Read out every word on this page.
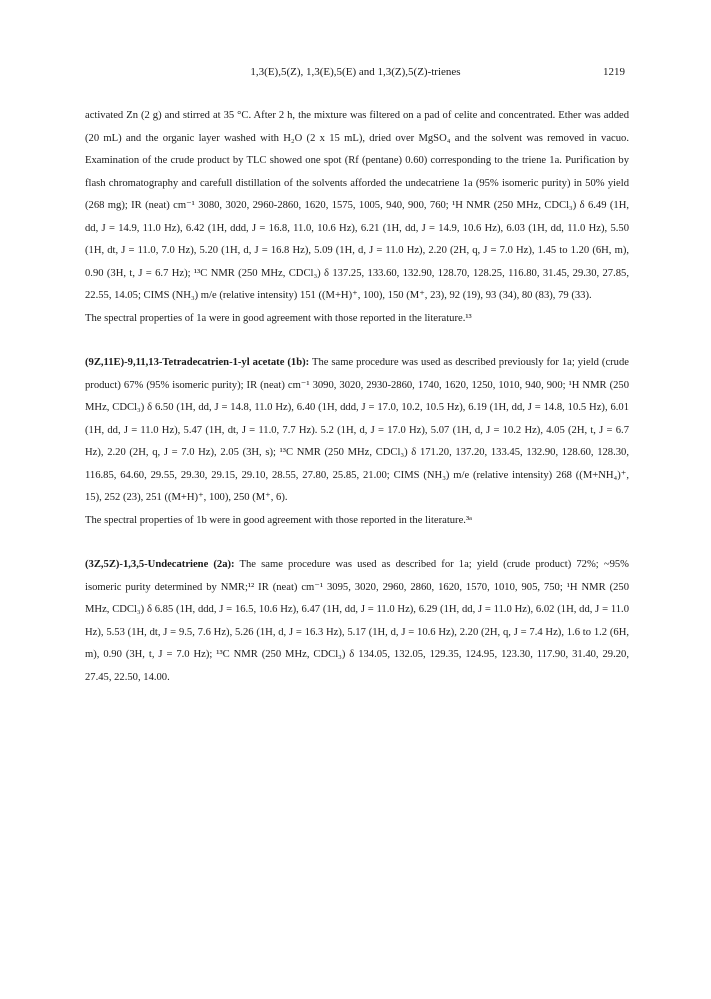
1,3(E),5(Z), 1,3(E),5(E) and 1,3(Z),5(Z)-trienes	1219

activated Zn (2 g) and stirred at 35 °C. After 2 h, the mixture was filtered on a pad of celite and concentrated. Ether was added (20 mL) and the organic layer washed with H₂O (2 x 15 mL), dried over MgSO₄ and the solvent was removed in vacuo. Examination of the crude product by TLC showed one spot (Rf (pentane) 0.60) corresponding to the triene 1a. Purification by flash chromatography and carefull distillation of the solvents afforded the undecatriene 1a (95% isomeric purity) in 50% yield (268 mg); IR (neat) cm⁻¹ 3080, 3020, 2960-2860, 1620, 1575, 1005, 940, 900, 760; ¹H NMR (250 MHz, CDCl₃) δ 6.49 (1H, dd, J = 14.9, 11.0 Hz), 6.42 (1H, ddd, J = 16.8, 11.0, 10.6 Hz), 6.21 (1H, dd, J = 14.9, 10.6 Hz), 6.03 (1H, dd, 11.0 Hz), 5.50 (1H, dt, J = 11.0, 7.0 Hz), 5.20 (1H, d, J = 16.8 Hz), 5.09 (1H, d, J = 11.0 Hz), 2.20 (2H, q, J = 7.0 Hz), 1.45 to 1.20 (6H, m), 0.90 (3H, t, J = 6.7 Hz); ¹³C NMR (250 MHz, CDCl₃) δ 137.25, 133.60, 132.90, 128.70, 128.25, 116.80, 31.45, 29.30, 27.85, 22.55, 14.05; CIMS (NH₃) m/e (relative intensity) 151 ((M+H)⁺, 100), 150 (M⁺, 23), 92 (19), 93 (34), 80 (83), 79 (33).

The spectral properties of 1a were in good agreement with those reported in the literature.¹³

(9Z,11E)-9,11,13-Tetradecatrien-1-yl acetate (1b): The same procedure was used as described previously for 1a; yield (crude product) 67% (95% isomeric purity); IR (neat) cm⁻¹ 3090, 3020, 2930-2860, 1740, 1620, 1250, 1010, 940, 900; ¹H NMR (250 MHz, CDCl₃) δ 6.50 (1H, dd, J = 14.8, 11.0 Hz), 6.40 (1H, ddd, J = 17.0, 10.2, 10.5 Hz), 6.19 (1H, dd, J = 14.8, 10.5 Hz), 6.01 (1H, dd, J = 11.0 Hz), 5.47 (1H, dt, J = 11.0, 7.7 Hz). 5.2 (1H, d, J = 17.0 Hz), 5.07 (1H, d, J = 10.2 Hz), 4.05 (2H, t, J = 6.7 Hz), 2.20 (2H, q, J = 7.0 Hz), 2.05 (3H, s); ¹³C NMR (250 MHz, CDCl₃) δ 171.20, 137.20, 133.45, 132.90, 128.60, 128.30, 116.85, 64.60, 29.55, 29.30, 29.15, 29.10, 28.55, 27.80, 25.85, 21.00; CIMS (NH₃) m/e (relative intensity) 268 ((M+NH₄)⁺, 15), 252 (23), 251 ((M+H)⁺, 100), 250 (M⁺, 6).

The spectral properties of 1b were in good agreement with those reported in the literature.³ᵃ

(3Z,5Z)-1,3,5-Undecatriene (2a): The same procedure was used as described for 1a; yield (crude product) 72%; ~95% isomeric purity determined by NMR;¹² IR (neat) cm⁻¹ 3095, 3020, 2960, 2860, 1620, 1570, 1010, 905, 750; ¹H NMR (250 MHz, CDCl₃) δ 6.85 (1H, ddd, J = 16.5, 10.6 Hz), 6.47 (1H, dd, J = 11.0 Hz), 6.29 (1H, dd, J = 11.0 Hz), 6.02 (1H, dd, J = 11.0 Hz), 5.53 (1H, dt, J = 9.5, 7.6 Hz), 5.26 (1H, d, J = 16.3 Hz), 5.17 (1H, d, J = 10.6 Hz), 2.20 (2H, q, J = 7.4 Hz), 1.6 to 1.2 (6H, m), 0.90 (3H, t, J = 7.0 Hz); ¹³C NMR (250 MHz, CDCl₃) δ 134.05, 132.05, 129.35, 124.95, 123.30, 117.90, 31.40, 29.20, 27.45, 22.50, 14.00.
